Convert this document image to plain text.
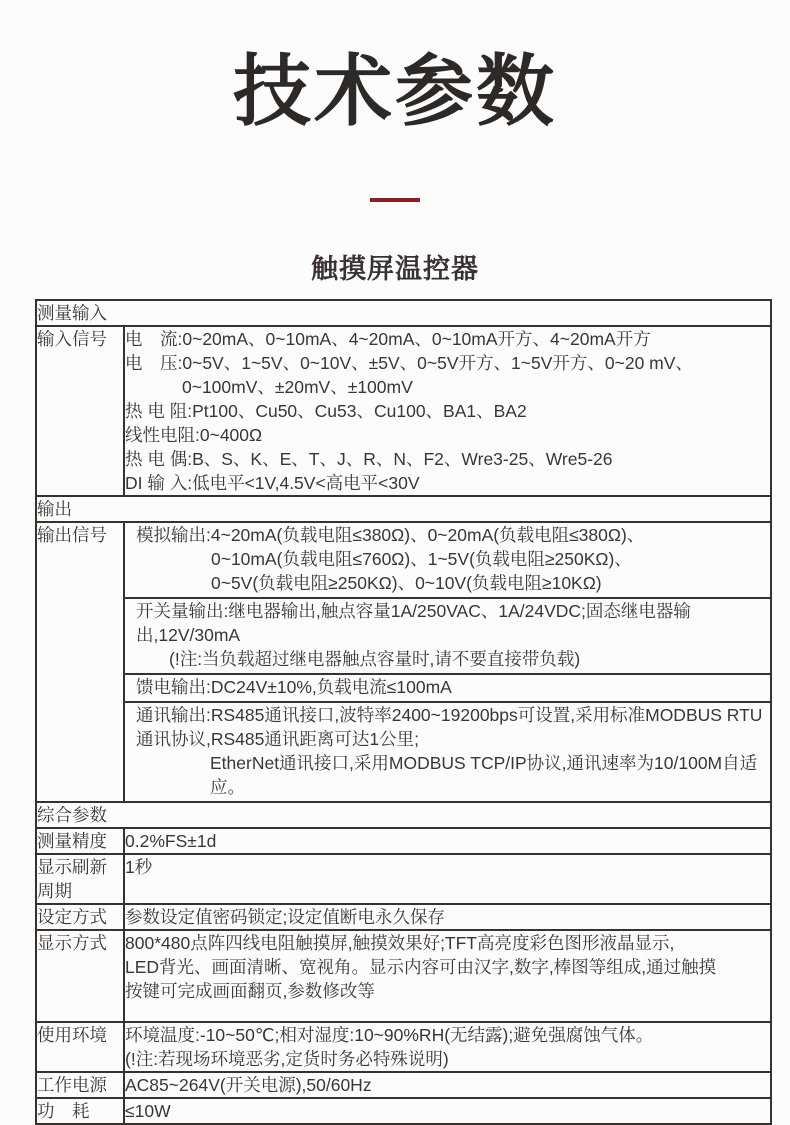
技术参数
触摸屏温控器
测量输入	
输入信号	电　流:0~20mA、0~10mA、4~20mA、0~10mA开方、4~20mA开方
电　压:0~5V、1~5V、0~10V、±5V、0~5V开方、1~5V开方、0~20 mV、
0~100mV、±20mV、±100mV
热 电 阻:Pt100、Cu50、Cu53、Cu100、BA1、BA2
线性电阻:0~400Ω
热 电 偶:B、S、K、E、T、J、R、N、F2、Wre3-25、Wre5-26
DI 输 入:低电平<1V,4.5V<高电平<30V

输出	
输出信号	模拟输出:4~20mA(负载电阻≤380Ω)、0~20mA(负载电阻≤380Ω)、
0~10mA(负载电阻≤760Ω)、1~5V(负载电阻≥250KΩ)、
0~5V(负载电阻≥250KΩ)、0~10V(负载电阻≥10KΩ)
开关量输出:继电器输出,触点容量1A/250VAC、1A/24VDC;固态继电器输出,12V/30mA
(!注:当负载超过继电器触点容量时,请不要直接带负载)
馈电输出:DC24V±10%,负载电流≤100mA
通讯输出:RS485通讯接口,波特率2400~19200bps可设置,采用标准MODBUS RTU
通讯协议,RS485通讯距离可达1公里;
EtherNet通讯接口,采用MODBUS TCP/IP协议,通讯速率为10/100M自适应。

综合参数	
测量精度	0.2%FS±1d

显示刷新
周期	1秒

设定方式	参数设定值密码锁定;设定值断电永久保存

显示方式	800*480点阵四线电阻触摸屏,触摸效果好;TFT高亮度彩色图形液晶显示,
LED背光、画面清晰、宽视角。显示内容可由汉字,数字,棒图等组成,通过触摸
按键可完成画面翻页,参数修改等

使用环境	环境温度:-10~50℃;相对湿度:10~90%RH(无结露);避免强腐蚀气体。
(!注:若现场环境恶劣,定货时务必特殊说明)

工作电源	AC85~264V(开关电源),50/60Hz

功　耗	≤10W
